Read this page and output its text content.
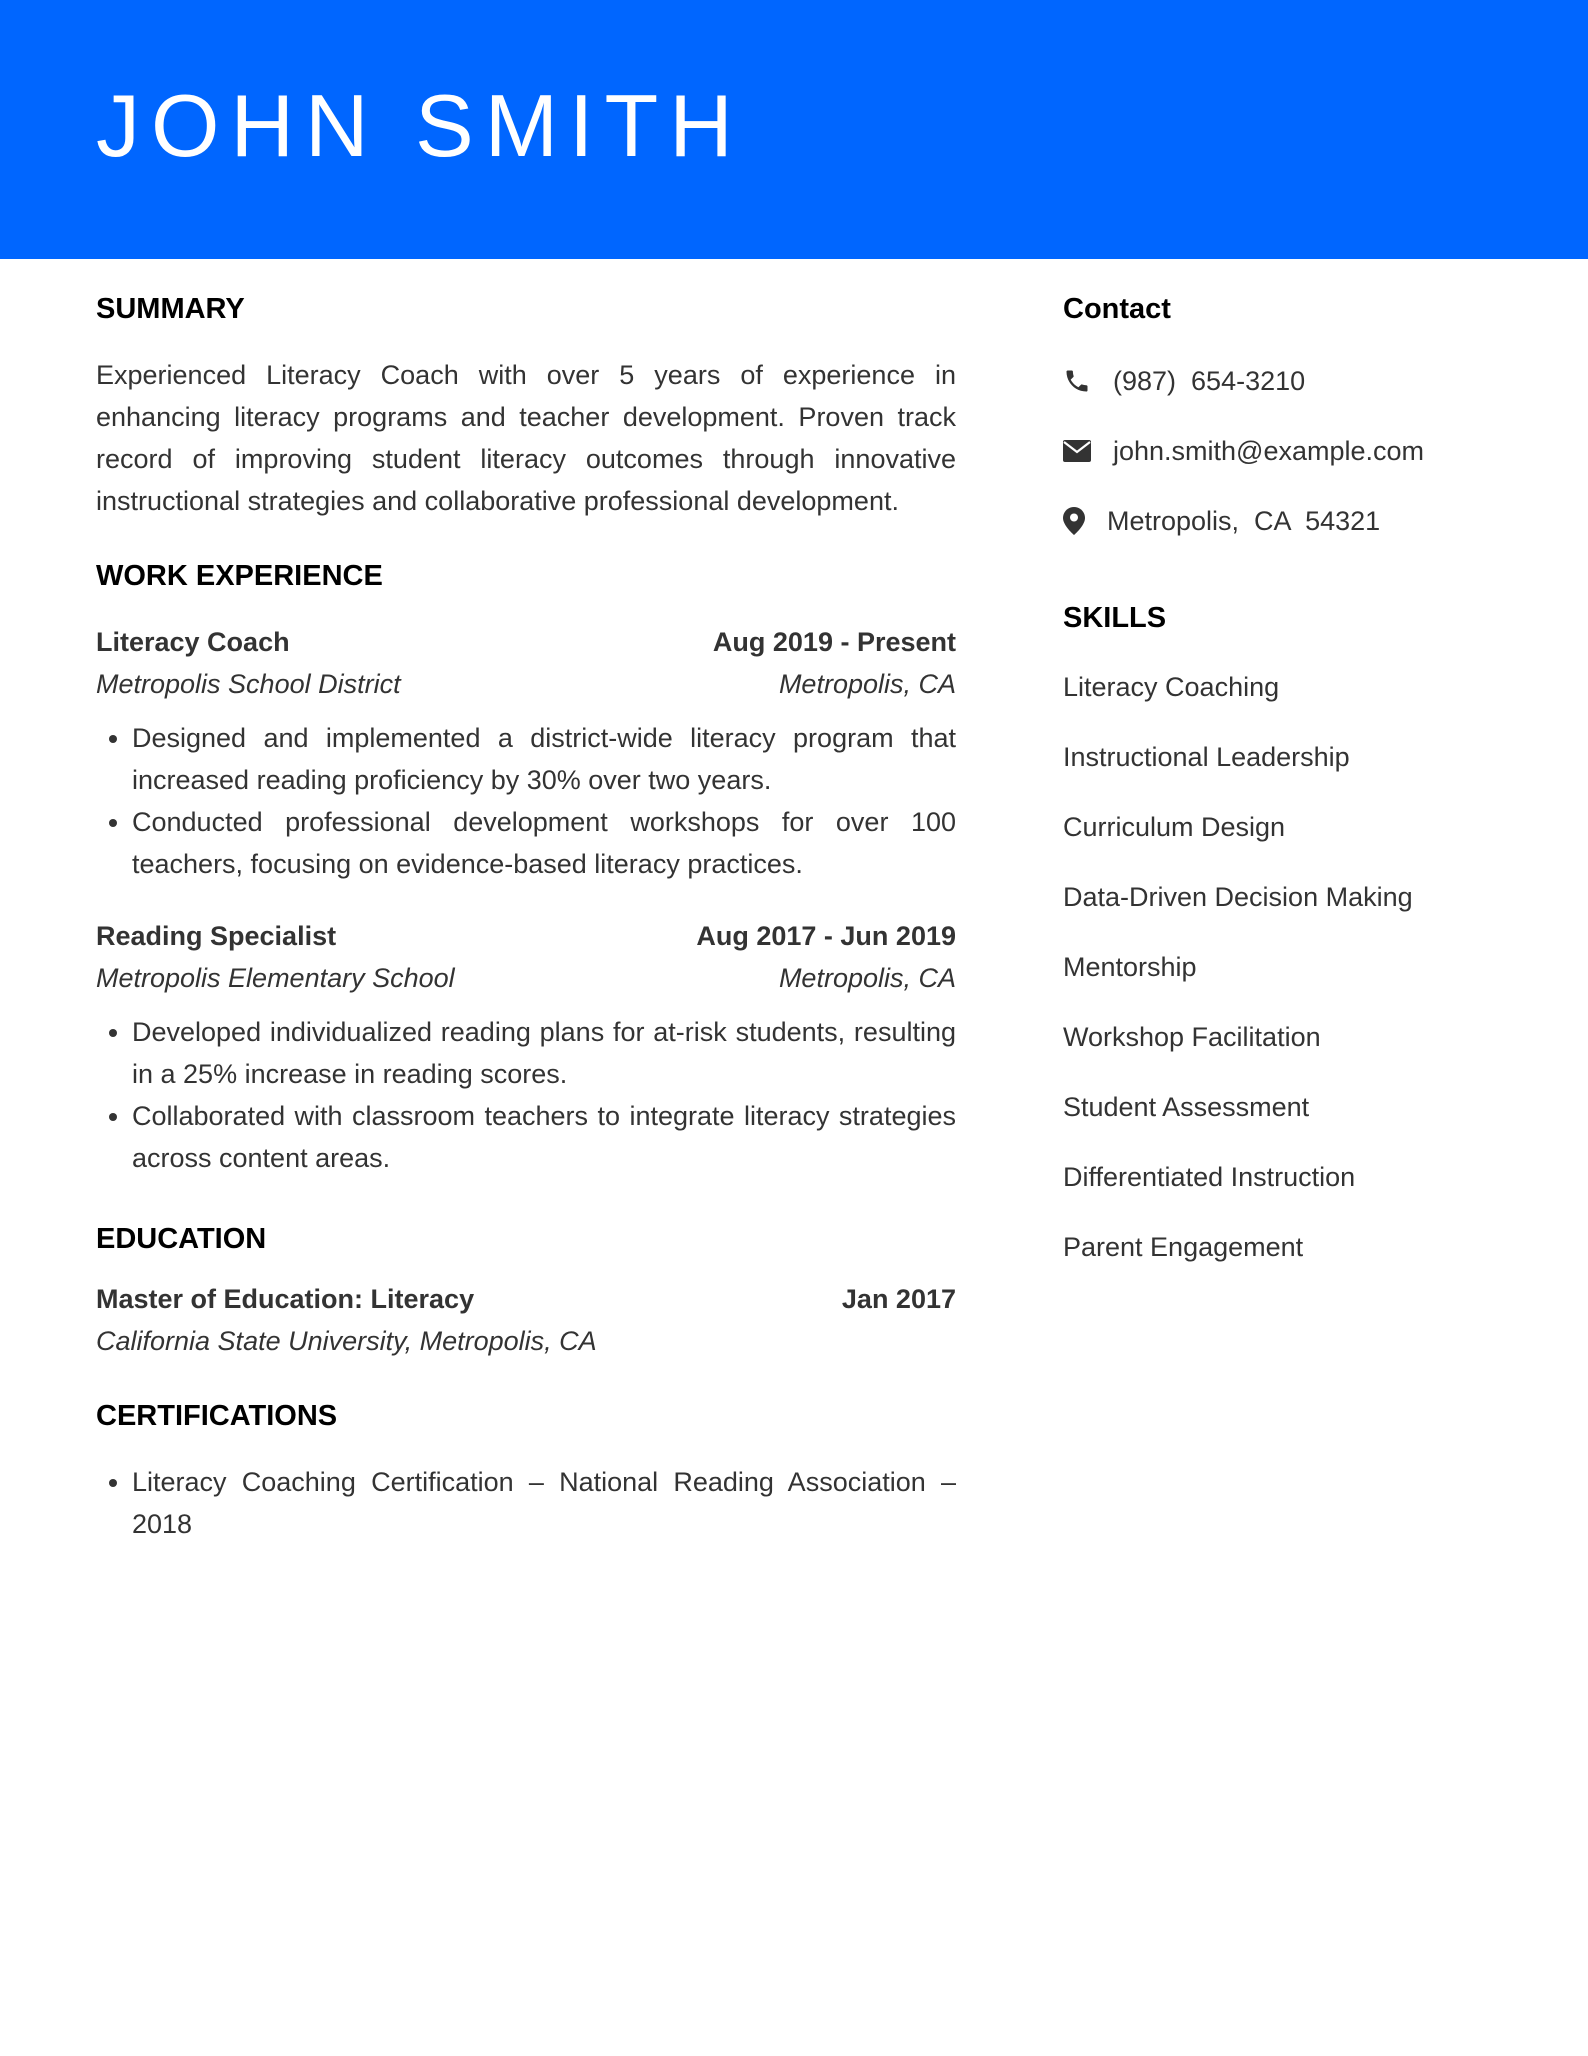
JOHN SMITH
SUMMARY

Experienced Literacy Coach with over 5 years of experience in enhancing literacy programs and teacher development. Proven track record of improving student literacy outcomes through innovative instructional strategies and collaborative professional development.

WORK EXPERIENCE
Literacy Coach	Aug 2019 - Present
Metropolis School District	Metropolis, CA
• Designed and implemented a district-wide literacy program that increased reading proficiency by 30% over two years.
• Conducted professional development workshops for over 100 teachers, focusing on evidence-based literacy practices.
Reading Specialist	Aug 2017 - Jun 2019
Metropolis Elementary School	Metropolis, CA
• Developed individualized reading plans for at-risk students, resulting in a 25% increase in reading scores.
• Collaborated with classroom teachers to integrate literacy strategies across content areas.
EDUCATION
Master of Education: Literacy	Jan 2017
California State University, Metropolis, CA
CERTIFICATIONS
• Literacy Coaching Certification – National Reading Association – 2018
Contact
(987)  654-3210
john.smith@example.com
Metropolis,  CA  54321
SKILLS
Literacy Coaching
Instructional Leadership
Curriculum Design
Data-Driven Decision Making
Mentorship
Workshop Facilitation
Student Assessment
Differentiated Instruction
Parent Engagement
